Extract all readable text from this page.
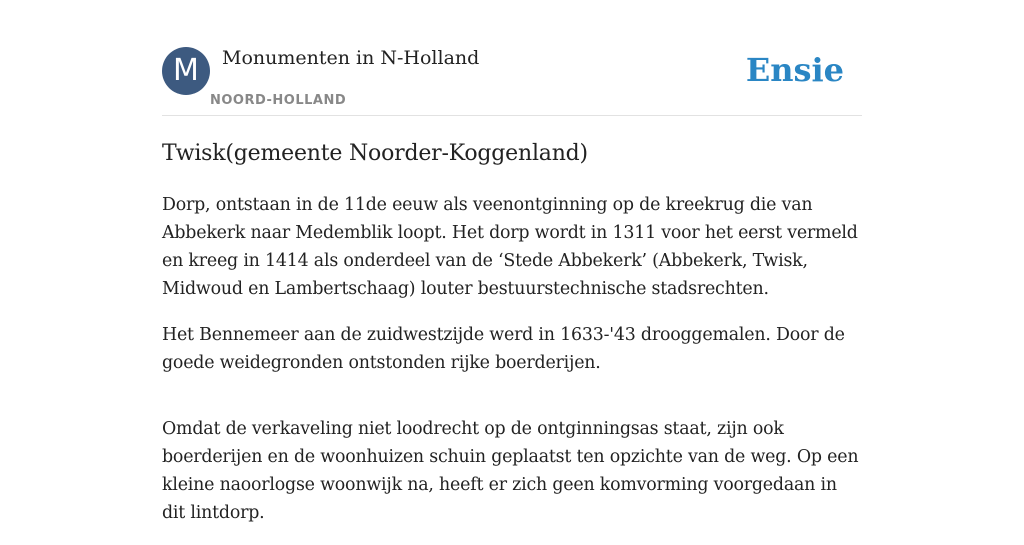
M	Monumenten in N-Holland
NOORD-HOLLAND
Ensie
Twisk(gemeente Noorder-Koggenland)

Dorp, ontstaan in de 11de eeuw als veenontginning op de kreekrug die van Abbekerk naar Medemblik loopt. Het dorp wordt in 1311 voor het eerst vermeld en kreeg in 1414 als onderdeel van de ‘Stede Abbekerk’ (Abbekerk, Twisk, Midwoud en Lambertschaag) louter bestuurstechnische stadsrechten.

Het Bennemeer aan de zuidwestzijde werd in 1633-'43 drooggemalen. Door de goede weidegronden ontstonden rijke boerderijen.

Omdat de verkaveling niet loodrecht op de ontginningsas staat, zijn ook boerderijen en de woonhuizen schuin geplaatst ten opzichte van de weg. Op een kleine naoorlogse woonwijk na, heeft er zich geen komvorming voorgedaan in dit lintdorp.
